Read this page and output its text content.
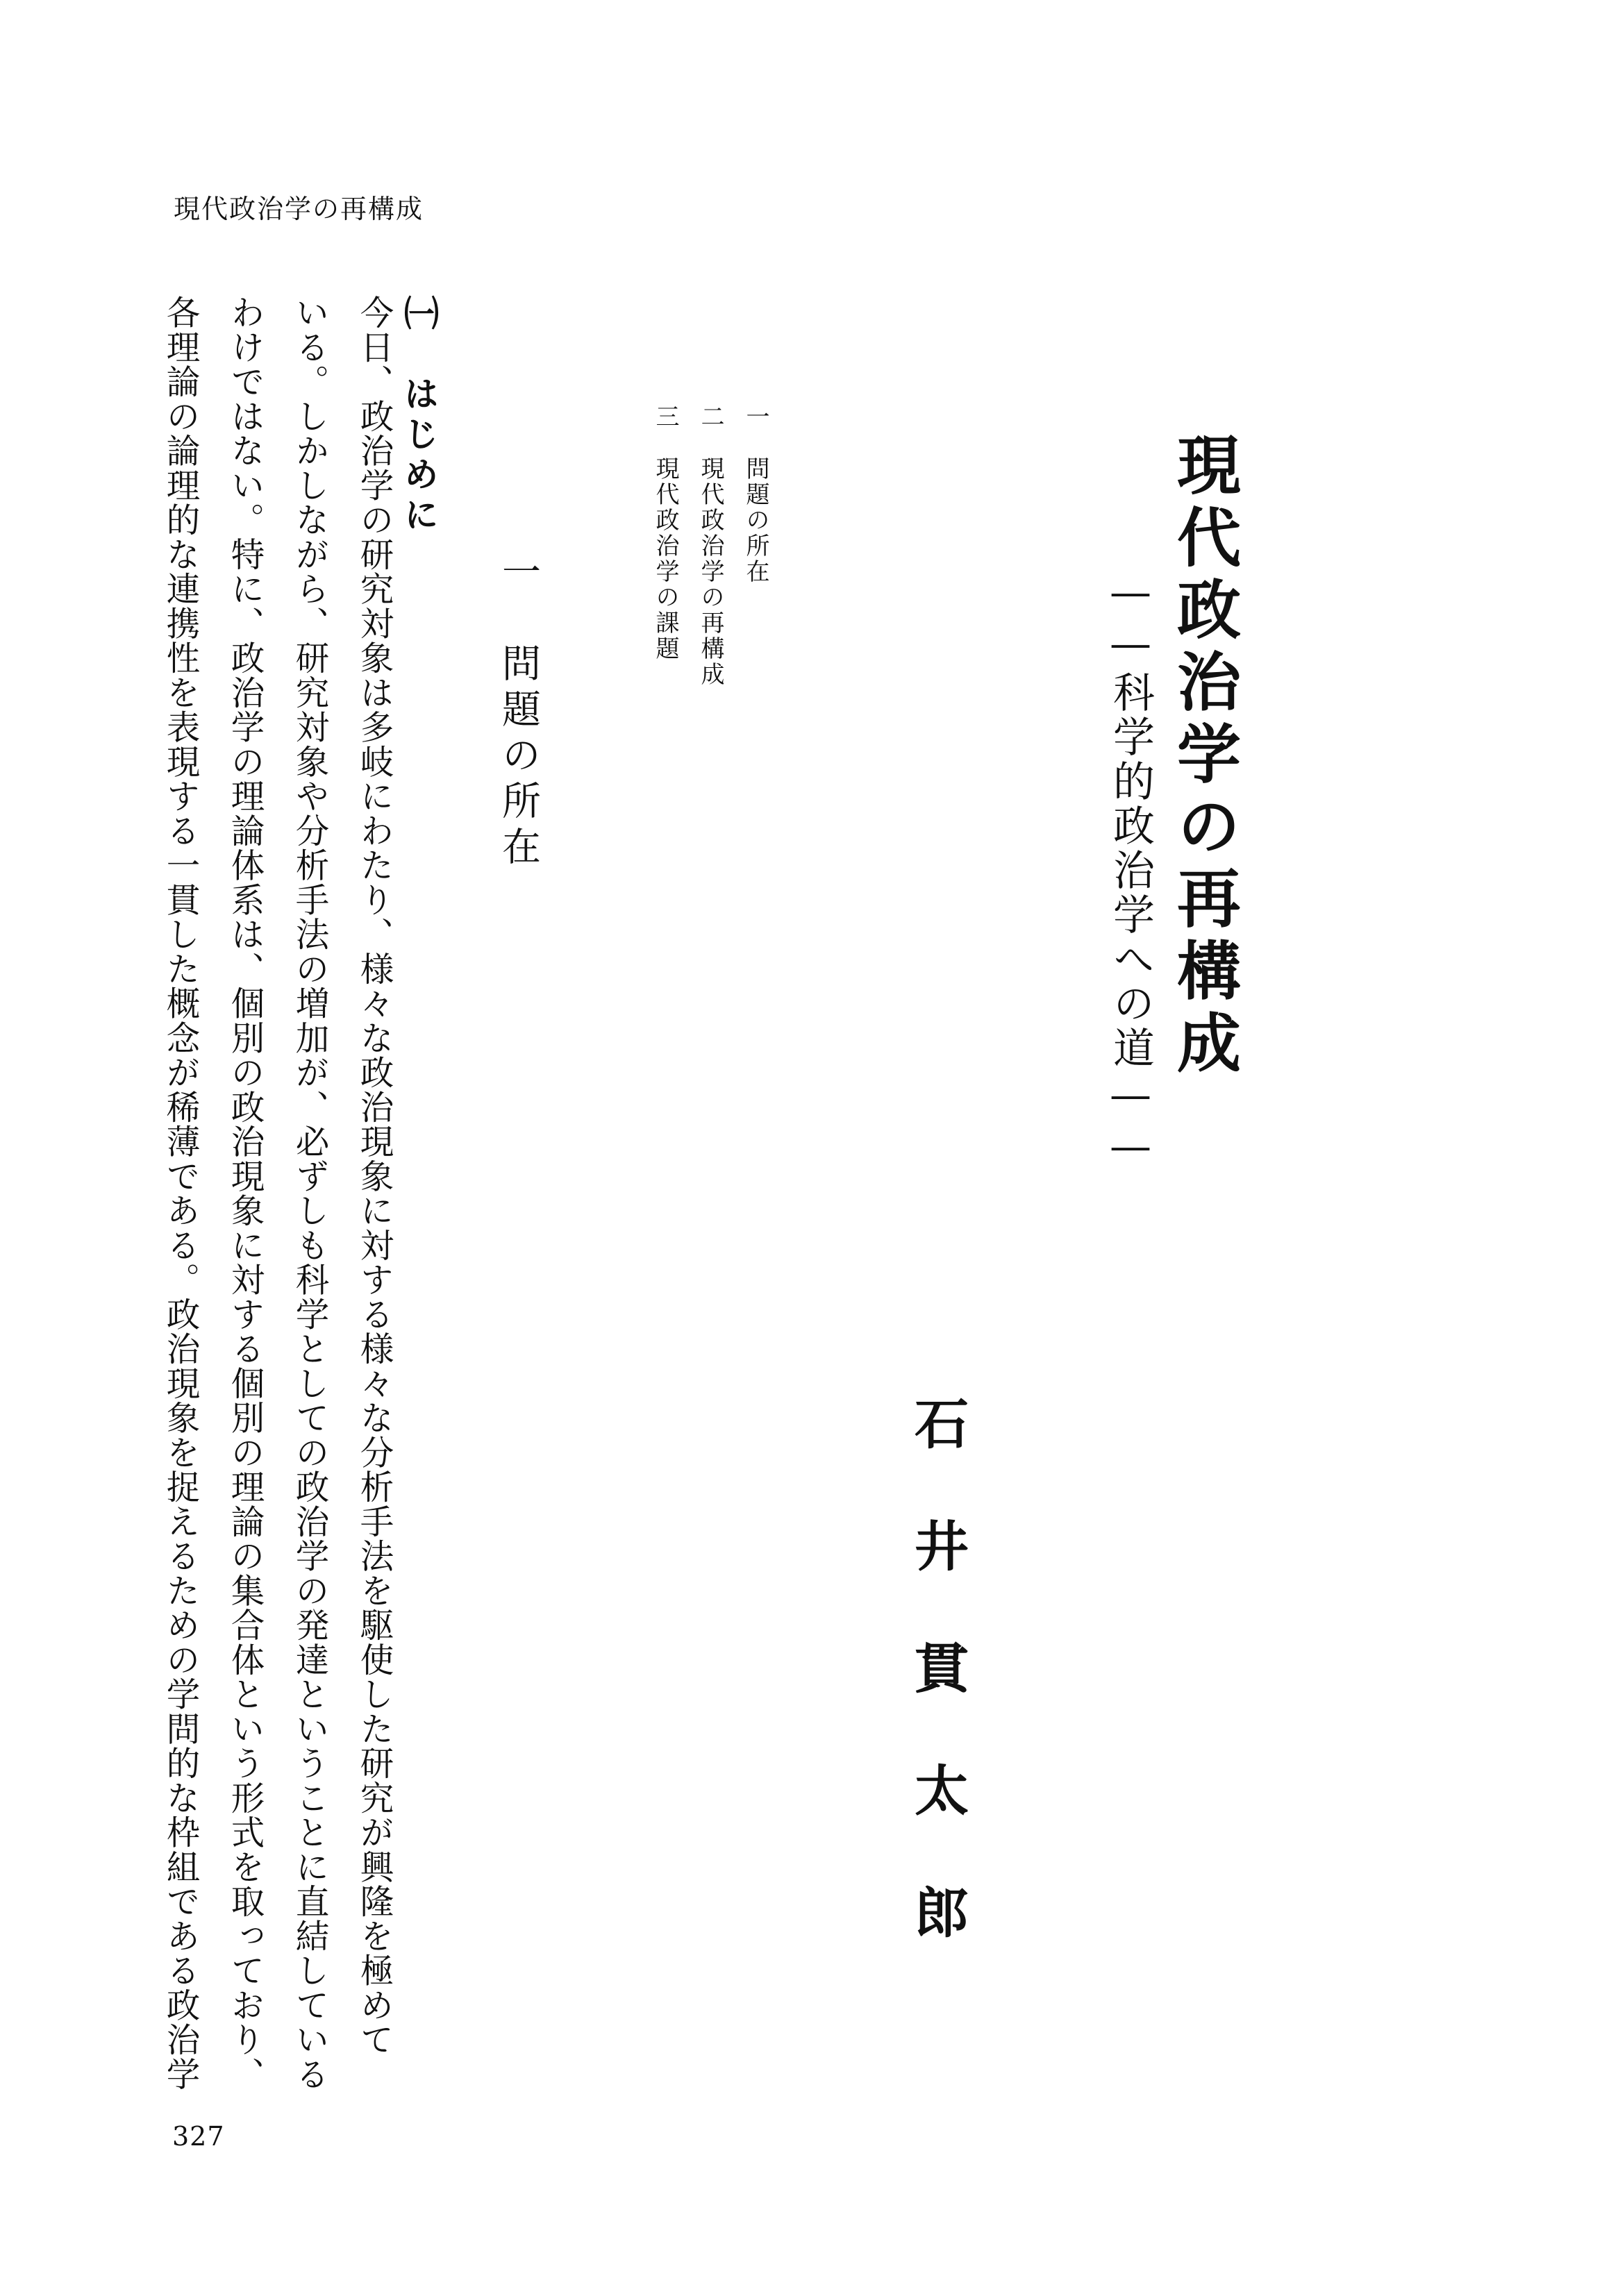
現代政治学の再構成
現代政治学の再構成
——科学的政治学への道——
石井貫太郎
一問題の所在
二現代政治学の再構成
三現代政治学の課題
一　問題の所在
㈠　はじめに
今日、政治学の研究対象は多岐にわたり、様々な政治現象に対する様々な分析手法を駆使した研究が興隆を極めて
いる。しかしながら、研究対象や分析手法の増加が、必ずしも科学としての政治学の発達ということに直結している
わけではない。特に、政治学の理論体系は、個別の政治現象に対する個別の理論の集合体という形式を取っており、
各理論の論理的な連携性を表現する一貫した概念が稀薄である。政治現象を捉えるための学問的な枠組である政治学
327
